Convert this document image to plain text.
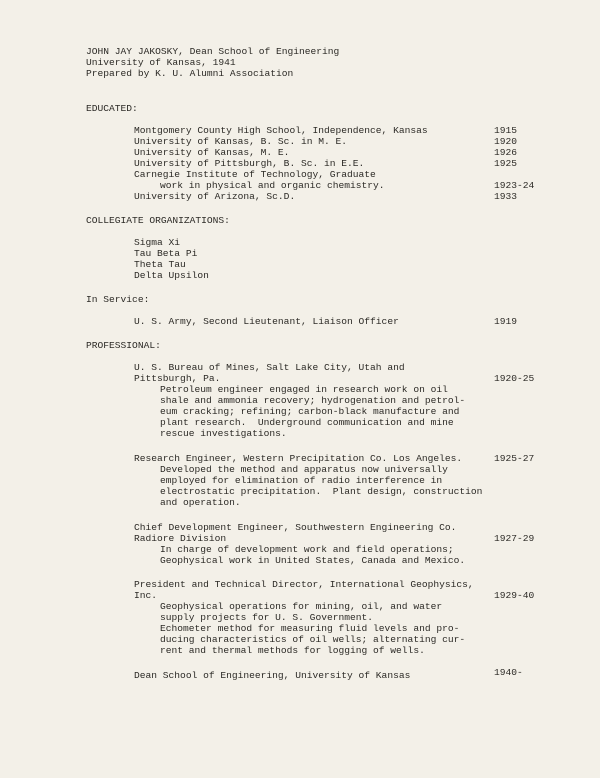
JOHN JAY JAKOSKY, Dean School of Engineering
University of Kansas, 1941
Prepared by K. U. Alumni Association
EDUCATED:
Montgomery County High School, Independence, Kansas	1915
University of Kansas, B. Sc. in M. E.	1920
University of Kansas, M. E.	1926
University of Pittsburgh, B. Sc. in E.E.	1925
Carnegie Institute of Technology, Graduate
work in physical and organic chemistry.	1923-24
University of Arizona, Sc.D.	1933
COLLEGIATE ORGANIZATIONS:
Sigma Xi
Tau Beta Pi
Theta Tau
Delta Upsilon
In Service:
U. S. Army, Second Lieutenant, Liaison Officer	1919
PROFESSIONAL:
U. S. Bureau of Mines, Salt Lake City, Utah and
Pittsburgh, Pa.	1920-25
Petroleum engineer engaged in research work on oil
shale and ammonia recovery; hydrogenation and petrol-
eum cracking; refining; carbon-black manufacture and
plant research.  Underground communication and mine
rescue investigations.
Research Engineer, Western Precipitation Co. Los Angeles.	1925-27
Developed the method and apparatus now universally
employed for elimination of radio interference in
electrostatic precipitation.  Plant design, construction
and operation.
Chief Development Engineer, Southwestern Engineering Co.
Radiore Division	1927-29
In charge of development work and field operations;
Geophysical work in United States, Canada and Mexico.
President and Technical Director, International Geophysics,
Inc.	1929-40
Geophysical operations for mining, oil, and water
supply projects for U. S. Government.
Echometer method for measuring fluid levels and pro-
ducing characteristics of oil wells; alternating cur-
rent and thermal methods for logging of wells.
Dean School of Engineering, University of Kansas	1940-
